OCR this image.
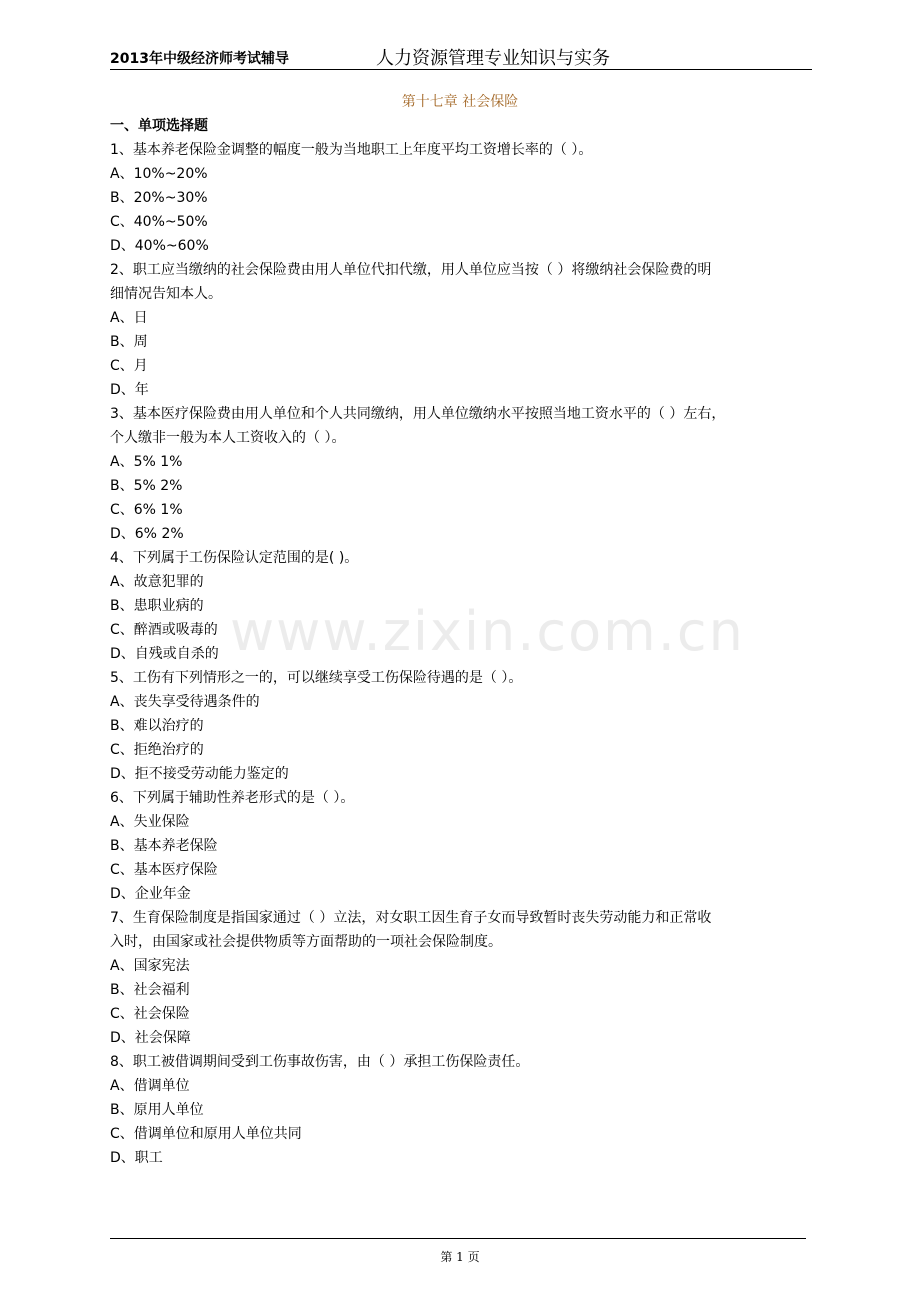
2013年中级经济师考试辅导	人力资源管理专业知识与实务
第十七章 社会保险
www.zixin.com.cn
一、单项选择题
1、基本养老保险金调整的幅度一般为当地职工上年度平均工资增长率的（ ）。
A、10%~20%
B、20%~30%
C、40%~50%
D、40%~60%
2、职工应当缴纳的社会保险费由用人单位代扣代缴，用人单位应当按（ ）将缴纳社会保险费的明
细情况告知本人。
A、日
B、周
C、月
D、年
3、基本医疗保险费由用人单位和个人共同缴纳，用人单位缴纳水平按照当地工资水平的（ ）左右，
个人缴非一般为本人工资收入的（ ）。
A、5% 1%
B、5% 2%
C、6% 1%
D、6% 2%
4、下列属于工伤保险认定范围的是( )。
A、故意犯罪的
B、患职业病的
C、醉酒或吸毒的
D、自残或自杀的
5、工伤有下列情形之一的，可以继续享受工伤保险待遇的是（ ）。
A、丧失享受待遇条件的
B、难以治疗的
C、拒绝治疗的
D、拒不接受劳动能力鉴定的
6、下列属于辅助性养老形式的是（ ）。
A、失业保险
B、基本养老保险
C、基本医疗保险
D、企业年金
7、生育保险制度是指国家通过（ ）立法，对女职工因生育子女而导致暂时丧失劳动能力和正常收
入时，由国家或社会提供物质等方面帮助的一项社会保险制度。
A、国家宪法
B、社会福利
C、社会保险
D、社会保障
8、职工被借调期间受到工伤事故伤害，由（ ）承担工伤保险责任。
A、借调单位
B、原用人单位
C、借调单位和原用人单位共同
D、职工
第 1 页
